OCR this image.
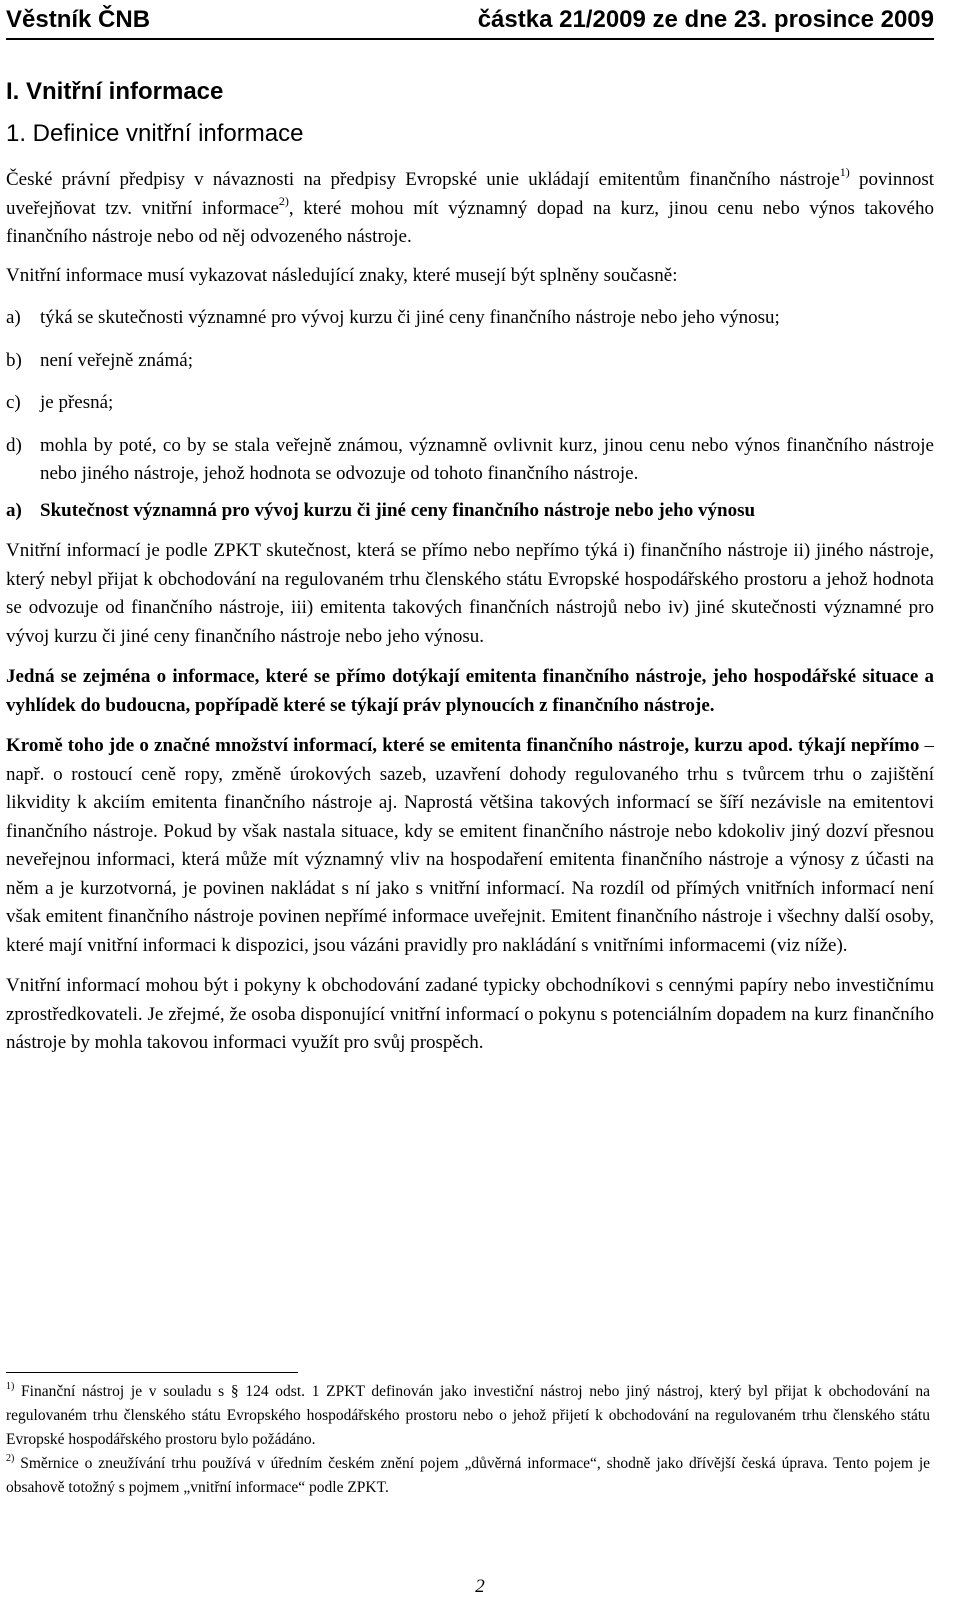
Věstník ČNB	částka 21/2009 ze dne 23. prosince 2009
I. Vnitřní informace
1. Definice vnitřní informace

České právní předpisy v návaznosti na předpisy Evropské unie ukládají emitentům finančního nástroje$^{1)}$ povinnost uveřejňovat tzv. vnitřní informace$^{2)}$, které mohou mít významný dopad na kurz, jinou cenu nebo výnos takového finančního nástroje nebo od něj odvozeného nástroje.

Vnitřní informace musí vykazovat následující znaky, které musejí být splněny současně:

a)	týká se skutečnosti významné pro vývoj kurzu či jiné ceny finančního nástroje nebo jeho výnosu;
b) není veřejně známá;
c)	je přesná;
d) mohla by poté, co by se stala veřejně známou, významně ovlivnit kurz, jinou cenu nebo výnos finančního nástroje nebo jiného nástroje, jehož hodnota se odvozuje od tohoto finančního nástroje.
a) Skutečnost významná pro vývoj kurzu či jiné ceny finančního nástroje nebo jeho výnosu

Vnitřní informací je podle ZPKT skutečnost, která se přímo nebo nepřímo týká i) finančního nástroje ii) jiného nástroje, který nebyl přijat k obchodování na regulovaném trhu členského státu Evropské hospodářského prostoru a jehož hodnota se odvozuje od finančního nástroje, iii) emitenta takových finančních nástrojů nebo iv) jiné skutečnosti významné pro vývoj kurzu či jiné ceny finančního nástroje nebo jeho výnosu.

Jedná se zejména o informace, které se přímo dotýkají emitenta finančního nástroje, jeho hospodářské situace a vyhlídek do budoucna, popřípadě které se týkají práv plynoucích z finančního nástroje.

Kromě toho jde o značné množství informací, které se emitenta finančního nástroje, kurzu apod. týkají nepřímo – např. o rostoucí ceně ropy, změně úrokových sazeb, uzavření dohody regulovaného trhu s tvůrcem trhu o zajištění likvidity k akciím emitenta finančního nástroje aj. Naprostá většina takových informací se šíří nezávisle na emitentovi finančního nástroje. Pokud by však nastala situace, kdy se emitent finančního nástroje nebo kdokoliv jiný dozví přesnou neveřejnou informaci, která může mít významný vliv na hospodaření emitenta finančního nástroje a výnosy z účasti na něm a je kurzotvorná, je povinen nakládat s ní jako s vnitřní informací. Na rozdíl od přímých vnitřních informací není však emitent finančního nástroje povinen nepřímé informace uveřejnit. Emitent finančního nástroje i všechny další osoby, které mají vnitřní informaci k dispozici, jsou vázáni pravidly pro nakládání s vnitřními informacemi (viz níže).

Vnitřní informací mohou být i pokyny k obchodování zadané typicky obchodníkovi s cennými papíry nebo investičnímu zprostředkovateli. Je zřejmé, že osoba disponující vnitřní informací o pokynu s potenciálním dopadem na kurz finančního nástroje by mohla takovou informaci využít pro svůj prospěch.

$^{1)}$ Finanční nástroj je v souladu s § 124 odst. 1 ZPKT definován jako investiční nástroj nebo jiný nástroj, který byl přijat k obchodování na regulovaném trhu členského státu Evropského hospodářského prostoru nebo o jehož přijetí k obchodování na regulovaném trhu členského státu Evropské hospodářského prostoru bylo požádáno.
$^{2)}$ Směrnice o zneužívání trhu používá v úředním českém znění pojem „důvěrná informace“, shodně jako dřívější česká úprava. Tento pojem je obsahově totožný s pojmem „vnitřní informace“ podle ZPKT.
2
